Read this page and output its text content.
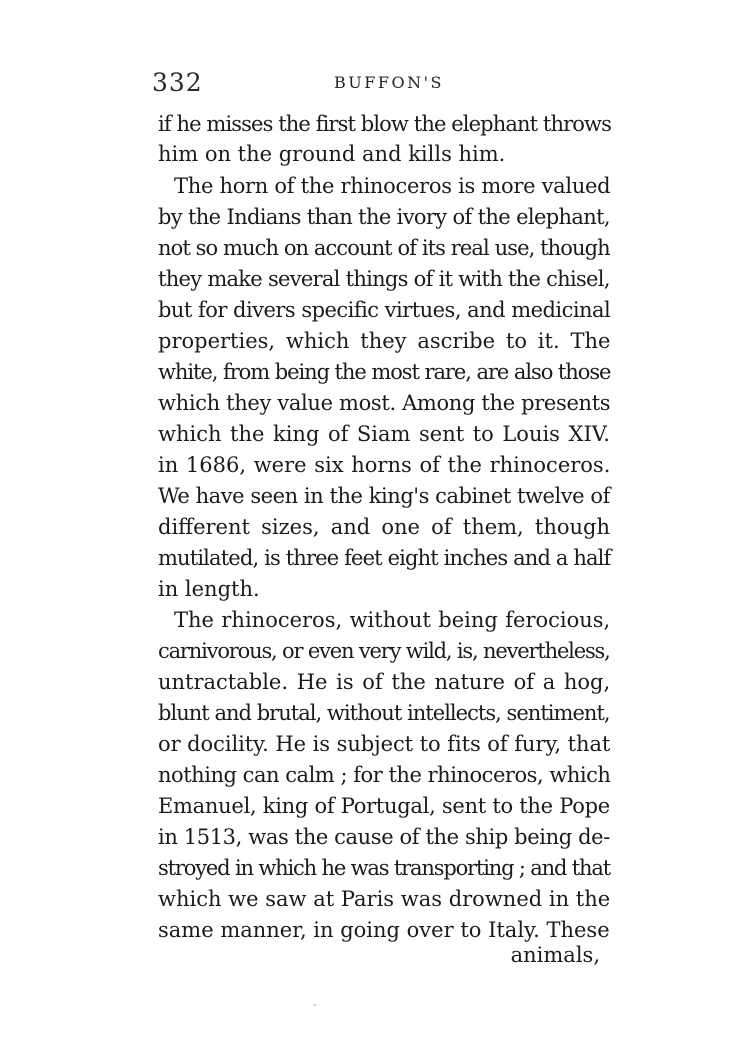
332	BUFFON'S
if he misses the first blow the elephant throws
him on the ground and kills him.
The horn of the rhinoceros is more valued
by the Indians than the ivory of the elephant,
not so much on account of its real use, though
they make several things of it with the chisel,
but for divers specific virtues, and medicinal
properties, which they ascribe to it. The
white, from being the most rare, are also those
which they value most. Among the presents
which the king of Siam sent to Louis XIV.
in 1686, were six horns of the rhinoceros.
We have seen in the king's cabinet twelve of
different sizes, and one of them, though
mutilated, is three feet eight inches and a half
in length.
The rhinoceros, without being ferocious,
carnivorous, or even very wild, is, nevertheless,
untractable. He is of the nature of a hog,
blunt and brutal, without intellects, sentiment,
or docility. He is subject to fits of fury, that
nothing can calm ; for the rhinoceros, which
Emanuel, king of Portugal, sent to the Pope
in 1513, was the cause of the ship being de-
stroyed in which he was transporting ; and that
which we saw at Paris was drowned in the
same manner, in going over to Italy. These
animals,
